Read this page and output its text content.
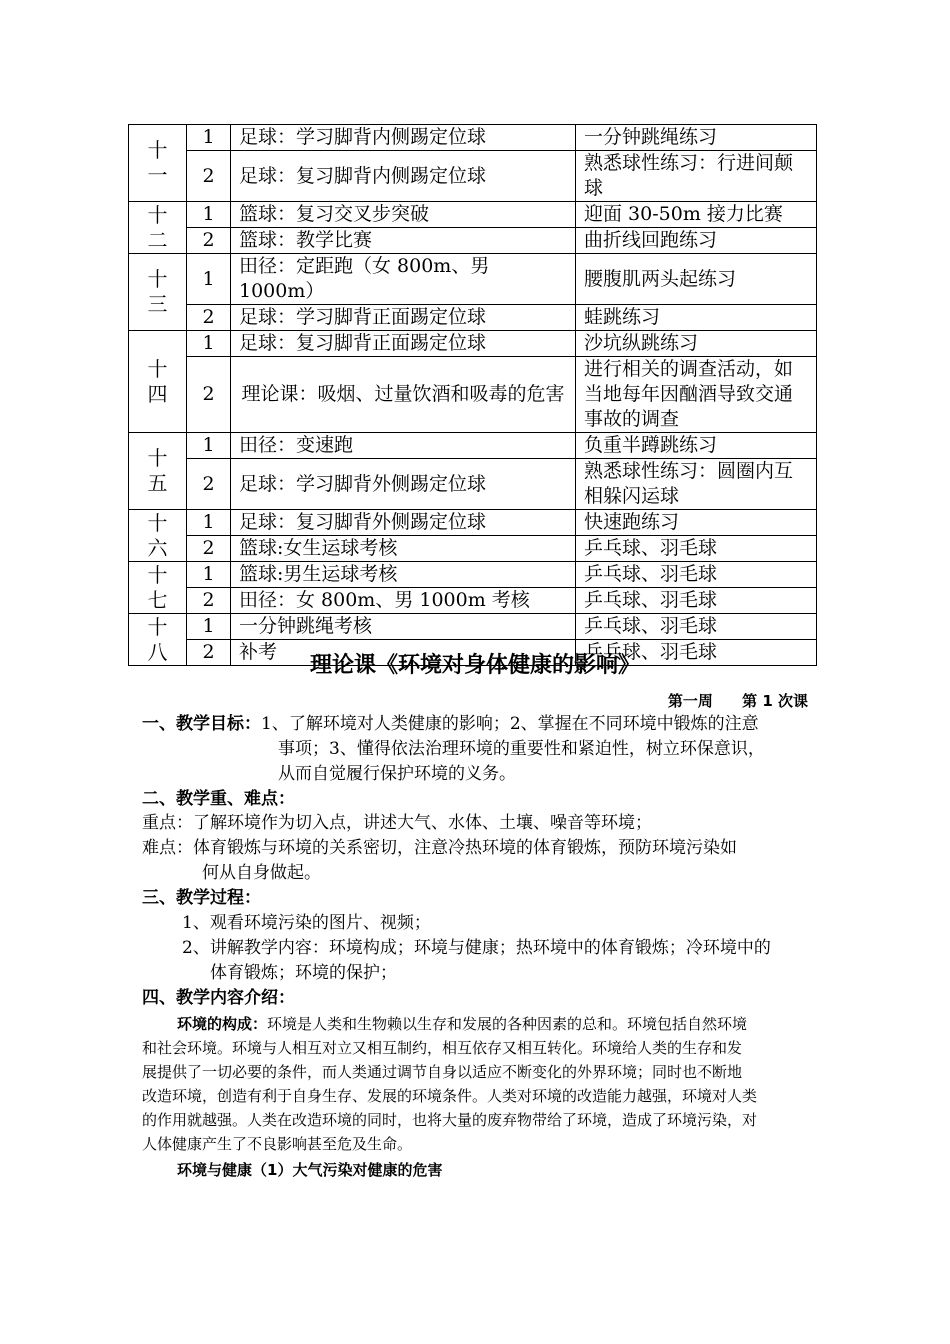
十
一	1	足球：学习脚背内侧踢定位球	一分钟跳绳练习
	2	足球：复习脚背内侧踢定位球	熟悉球性练习：行进间颠球

十
二	1	篮球：复习交叉步突破	迎面 30-50m 接力比赛
	2	篮球：教学比赛	曲折线回跑练习

十
三	1	田径：定距跑（女 800m、男 1000m）	腰腹肌两头起练习
	2	足球：学习脚背正面踢定位球	蛙跳练习

十
四	1	足球：复习脚背正面踢定位球	沙坑纵跳练习
	2	理论课：吸烟、过量饮酒和吸毒的危害	进行相关的调查活动，如当地每年因酗酒导致交通事故的调查

十
五	1	田径：变速跑	负重半蹲跳练习
	2	足球：学习脚背外侧踢定位球	熟悉球性练习：圆圈内互相躲闪运球

十
六	1	足球：复习脚背外侧踢定位球	快速跑练习
	2	篮球:女生运球考核	乒乓球、羽毛球

十
七	1	篮球:男生运球考核	乒乓球、羽毛球
	2	田径：女 800m、男 1000m 考核	乒乓球、羽毛球

十
八	1	一分钟跳绳考核	乒乓球、羽毛球
	2	补考	乒乓球、羽毛球
理论课《环境对身体健康的影响》
第一周 第 1 次课
一、教学目标：1、了解环境对人类健康的影响；2、掌握在不同环境中锻炼的注意
事项；3、懂得依法治理环境的重要性和紧迫性，树立环保意识，
从而自觉履行保护环境的义务。
二、教学重、难点：
重点：了解环境作为切入点，讲述大气、水体、土壤、噪音等环境；
难点：体育锻炼与环境的关系密切，注意冷热环境的体育锻炼，预防环境污染如
何从自身做起。
三、教学过程：
1、观看环境污染的图片、视频；
2、讲解教学内容：环境构成；环境与健康；热环境中的体育锻炼；冷环境中的
体育锻炼；环境的保护；
四、教学内容介绍：
环境的构成：环境是人类和生物赖以生存和发展的各种因素的总和。环境包括自然环境
和社会环境。环境与人相互对立又相互制约，相互依存又相互转化。环境给人类的生存和发
展提供了一切必要的条件，而人类通过调节自身以适应不断变化的外界环境；同时也不断地
改造环境，创造有利于自身生存、发展的环境条件。人类对环境的改造能力越强，环境对人类
的作用就越强。人类在改造环境的同时，也将大量的废弃物带给了环境，造成了环境污染，对
人体健康产生了不良影响甚至危及生命。
环境与健康（1）大气污染对健康的危害
